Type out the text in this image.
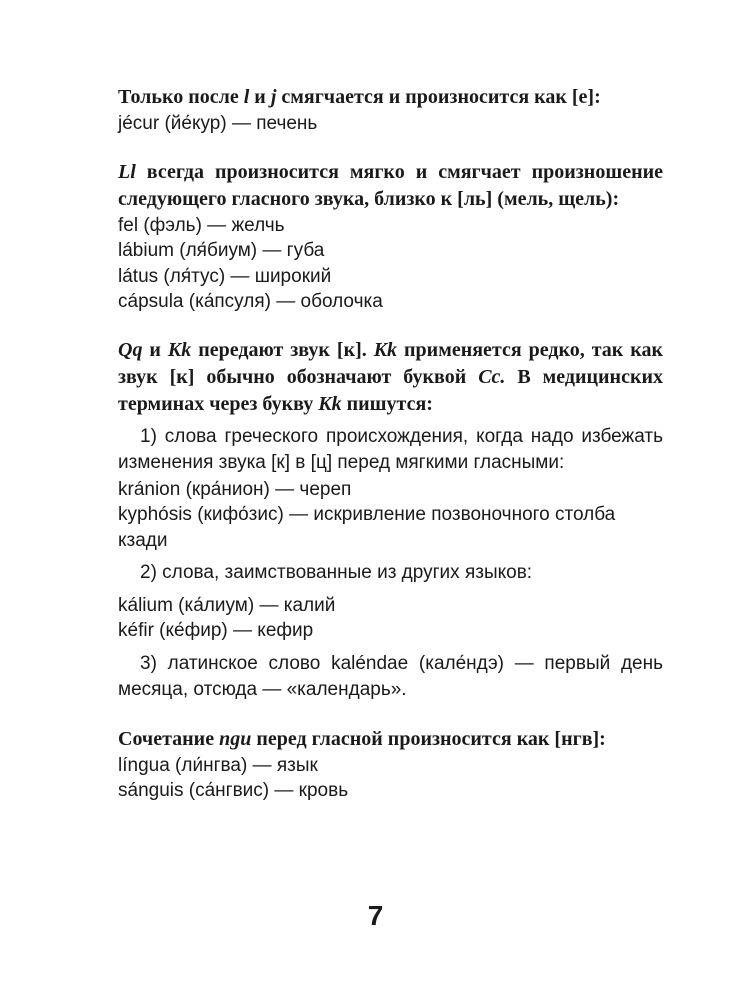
Только после l и j смягчается и произносится как [е]:

jécur (йе́кур) — печень

Ll всегда произносится мягко и смягчает произношение следующего гласного звука, близко к [ль] (мель, щель):

fel (фэль) — желчь

lábium (ля́биум) — губа

látus (ля́тус) — широкий

cápsula (ка́псуля) — оболочка

Qq и Kk передают звук [к]. Kk применяется редко, так как звук [к] обычно обозначают буквой Cc. В медицинских терминах через букву Kk пишутся:

1) слова греческого происхождения, когда надо избежать изменения звука [к] в [ц] перед мягкими гласными:

kránion (кра́нион) — череп

kyphósis (кифо́зис) — искривление позвоночного столба кзади

2) слова, заимствованные из других языков:

kálium (ка́лиум) — калий

kéfir (ке́фир) — кефир

3) латинское слово kaléndae (кале́ндэ) — первый день месяца, отсюда — «календарь».

Сочетание ngu перед гласной произносится как [нгв]:

língua (ли́нгва) — язык

sánguis (са́нгвис) — кровь

7
